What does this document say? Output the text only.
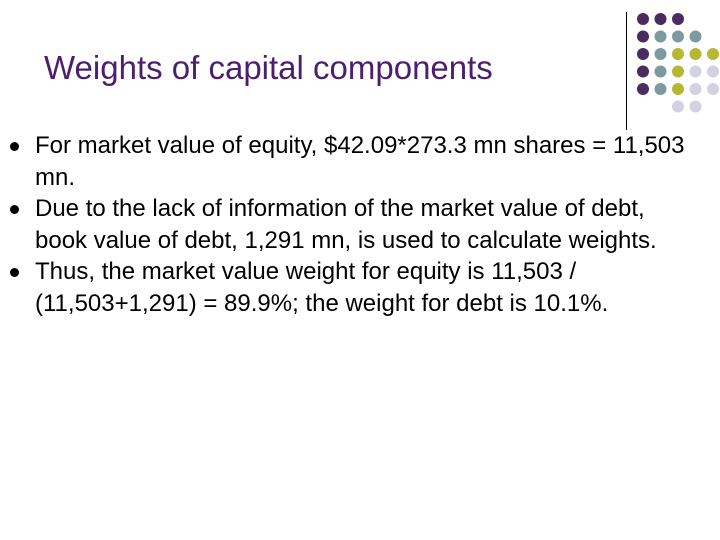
Weights of capital components
For market value of equity, $42.09*273.3 mn shares = 11,503 mn.
Due to the lack of information of the market value of debt, book value of debt, 1,291 mn, is used to calculate weights.
Thus, the market value weight for equity is 11,503 / (11,503+1,291) = 89.9%; the weight for debt is 10.1%.
